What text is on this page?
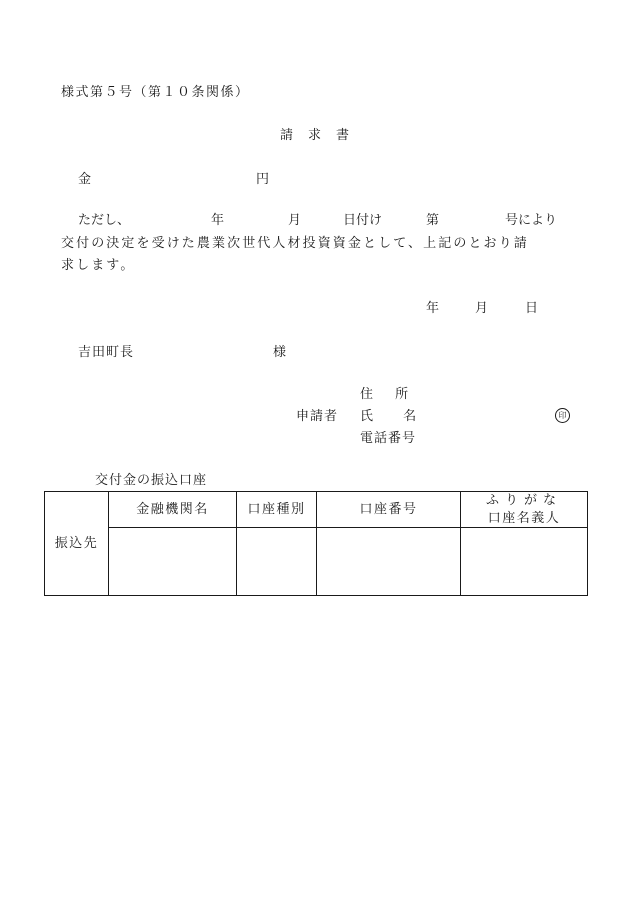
様式第５号（第１０条関係）
請　求　書
金	円
ただし、	年	月	日付け	第	号により
交付の決定を受けた農業次世代人材投資資金として、上記のとおり請
求します。
年	月	日
吉田町長	様
申請者
住 所
氏 名	印
電話番号
交付金の振込口座
振込先	金融機関名	口座種別	口座番号	ふりがな
口座名義人
